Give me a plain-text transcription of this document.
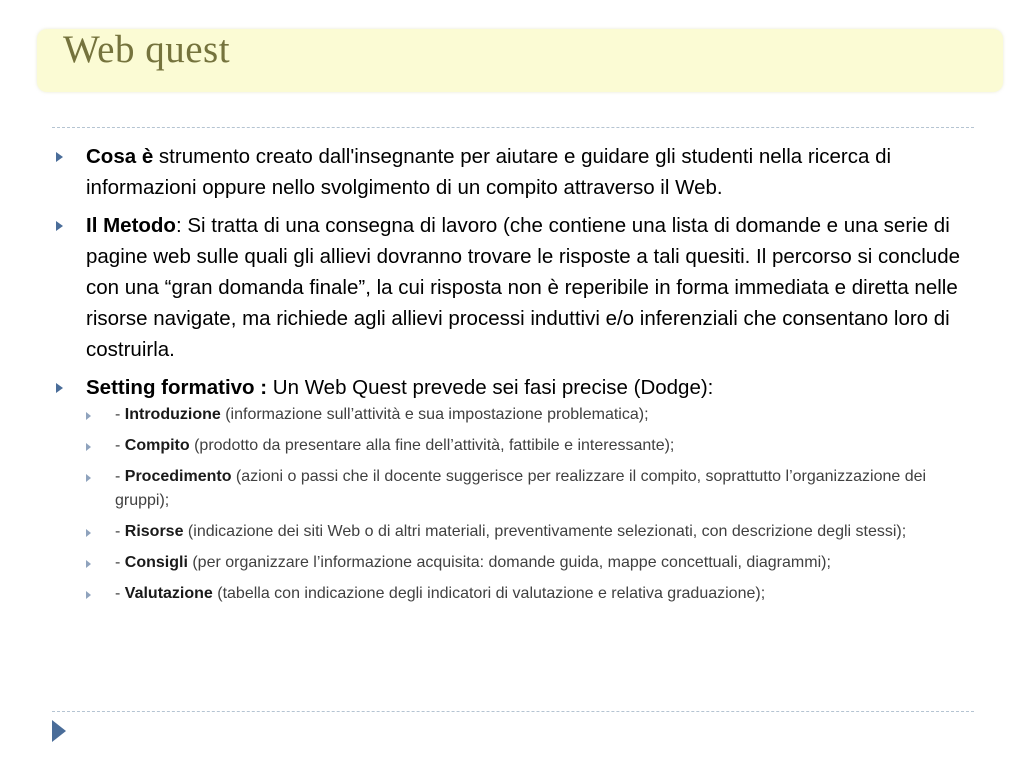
Web quest
Cosa è strumento creato dall'insegnante per aiutare e guidare gli studenti nella ricerca di informazioni oppure nello svolgimento di un compito attraverso il Web.
Il Metodo: Si tratta di una consegna di lavoro (che contiene una lista di domande e una serie di pagine web sulle quali gli allievi dovranno trovare le risposte a tali quesiti. Il percorso si conclude con una “gran domanda finale”, la cui risposta non è reperibile in forma immediata e diretta nelle risorse navigate, ma richiede agli allievi processi induttivi e/o inferenziali che consentano loro di costruirla.
Setting formativo : Un Web Quest prevede sei fasi precise (Dodge):
- Introduzione (informazione sull’attività e sua impostazione problematica);
- Compito (prodotto da presentare alla fine dell’attività, fattibile e interessante);
- Procedimento (azioni o passi che il docente suggerisce per realizzare il compito, soprattutto l’organizzazione dei gruppi);
- Risorse (indicazione dei siti Web o di altri materiali, preventivamente selezionati, con descrizione degli stessi);
- Consigli (per organizzare l’informazione acquisita: domande guida, mappe concettuali, diagrammi);
- Valutazione (tabella con indicazione degli indicatori di valutazione e relativa graduazione);
